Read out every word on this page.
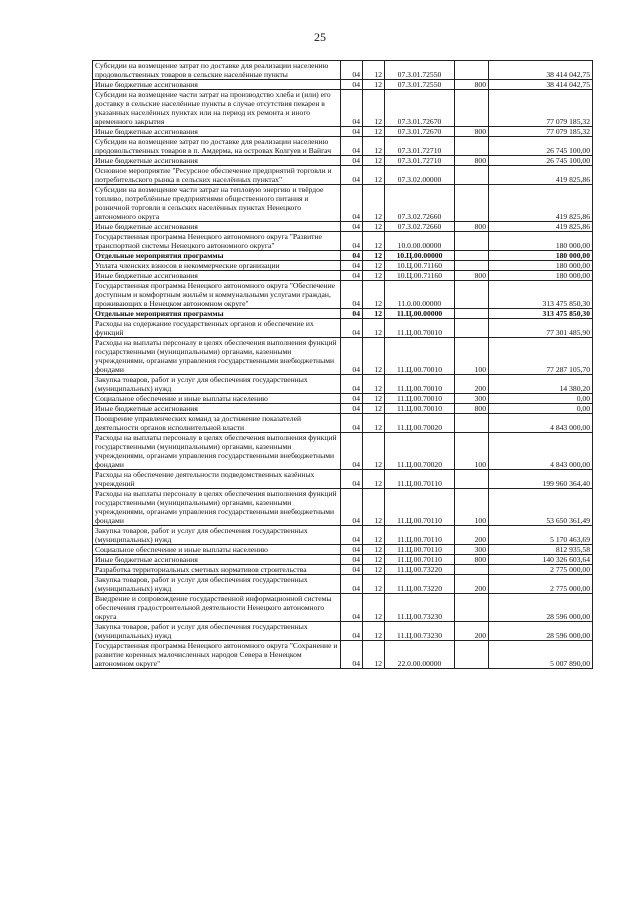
25
Субсидии на возмещение затрат по доставке для реализации населению продовольственных товаров в сельские населённые пункты	04	12	07.3.01.72550		38 414 042,75
Иные бюджетные ассигнования	04	12	07.3.01.72550	800	38 414 042,75
Субсидии на возмещение части затрат на производство хлеба и (или) его доставку в сельские населённые пункты в случае отсутствия пекарен в указанных населённых пунктах или на период их ремонта и иного временного закрытия	04	12	07.3.01.72670		77 079 185,32
Иные бюджетные ассигнования	04	12	07.3.01.72670	800	77 079 185,32
Субсидии на возмещение затрат по доставке для реализации населению продовольственных товаров в п. Амдерма, на островах Колгуев и Вайгач	04	12	07.3.01.72710		26 745 100,00
Иные бюджетные ассигнования	04	12	07.3.01.72710	800	26 745 100,00
Основное мероприятие "Ресурсное обеспечение предприятий торговли и потребительского рынка в сельских населённых пунктах"	04	12	07.3.02.00000		419 825,86
Субсидии на возмещение части затрат на тепловую энергию и твёрдое топливо, потреблённые предприятиями общественного питания и розничной торговли в сельских населённых пунктах Ненецкого автономного округа	04	12	07.3.02.72660		419 825,86
Иные бюджетные ассигнования	04	12	07.3.02.72660	800	419 825,86
Государственная программа Ненецкого автономного округа "Развитие транспортной системы Ненецкого автономного округа"	04	12	10.0.00.00000		180 000,00
Отдельные мероприятия программы	04	12	10.Ц.00.00000		180 000,00
Уплата членских взносов в некоммерческие организации	04	12	10.Ц.00.71160		180 000,00
Иные бюджетные ассигнования	04	12	10.Ц.00.71160	800	180 000,00
Государственная программа Ненецкого автономного округа "Обеспечение доступным и комфортным жильём и коммунальными услугами граждан, проживающих в Ненецком автономном округе"	04	12	11.0.00.00000		313 475 850,30
Отдельные мероприятия программы	04	12	11.Ц.00.00000		313 475 850,30
Расходы на содержание государственных органов и обеспечение их функций	04	12	11.Ц.00.70010		77 301 485,90
Расходы на выплаты персоналу в целях обеспечения выполнения функций государственными (муниципальными) органами, казенными учреждениями, органами управления государственными внебюджетными фондами	04	12	11.Ц.00.70010	100	77 287 105,70
Закупка товаров, работ и услуг для обеспечения государственных (муниципальных) нужд	04	12	11.Ц.00.70010	200	14 380,20
Социальное обеспечение и иные выплаты населению	04	12	11.Ц.00.70010	300	0,00
Иные бюджетные ассигнования	04	12	11.Ц.00.70010	800	0,00
Поощрение управленческих команд за достижение показателей деятельности органов исполнительной власти	04	12	11.Ц.00.70020		4 843 000,00
Расходы на выплаты персоналу в целях обеспечения выполнения функций государственными (муниципальными) органами, казенными учреждениями, органами управления государственными внебюджетными фондами	04	12	11.Ц.00.70020	100	4 843 000,00
Расходы на обеспечение деятельности подведомственных казённых учреждений	04	12	11.Ц.00.70110		199 960 364,40
Расходы на выплаты персоналу в целях обеспечения выполнения функций государственными (муниципальными) органами, казенными учреждениями, органами управления государственными внебюджетными фондами	04	12	11.Ц.00.70110	100	53 650 361,49
Закупка товаров, работ и услуг для обеспечения государственных (муниципальных) нужд	04	12	11.Ц.00.70110	200	5 170 463,69
Социальное обеспечение и иные выплаты населению	04	12	11.Ц.00.70110	300	812 935,58
Иные бюджетные ассигнования	04	12	11.Ц.00.70110	800	140 326 603,64
Разработка территориальных сметных нормативов строительства	04	12	11.Ц.00.73220		2 775 000,00
Закупка товаров, работ и услуг для обеспечения государственных (муниципальных) нужд	04	12	11.Ц.00.73220	200	2 775 000,00
Внедрение и сопровождение государственной информационной системы обеспечения градостроительной деятельности Ненецкого автономного округа	04	12	11.Ц.00.73230		28 596 000,00
Закупка товаров, работ и услуг для обеспечения государственных (муниципальных) нужд	04	12	11.Ц.00.73230	200	28 596 000,00
Государственная программа Ненецкого автономного округа "Сохранение и развитие коренных малочисленных народов Севера в Ненецком автономном округе"	04	12	22.0.00.00000		5 007 890,00
